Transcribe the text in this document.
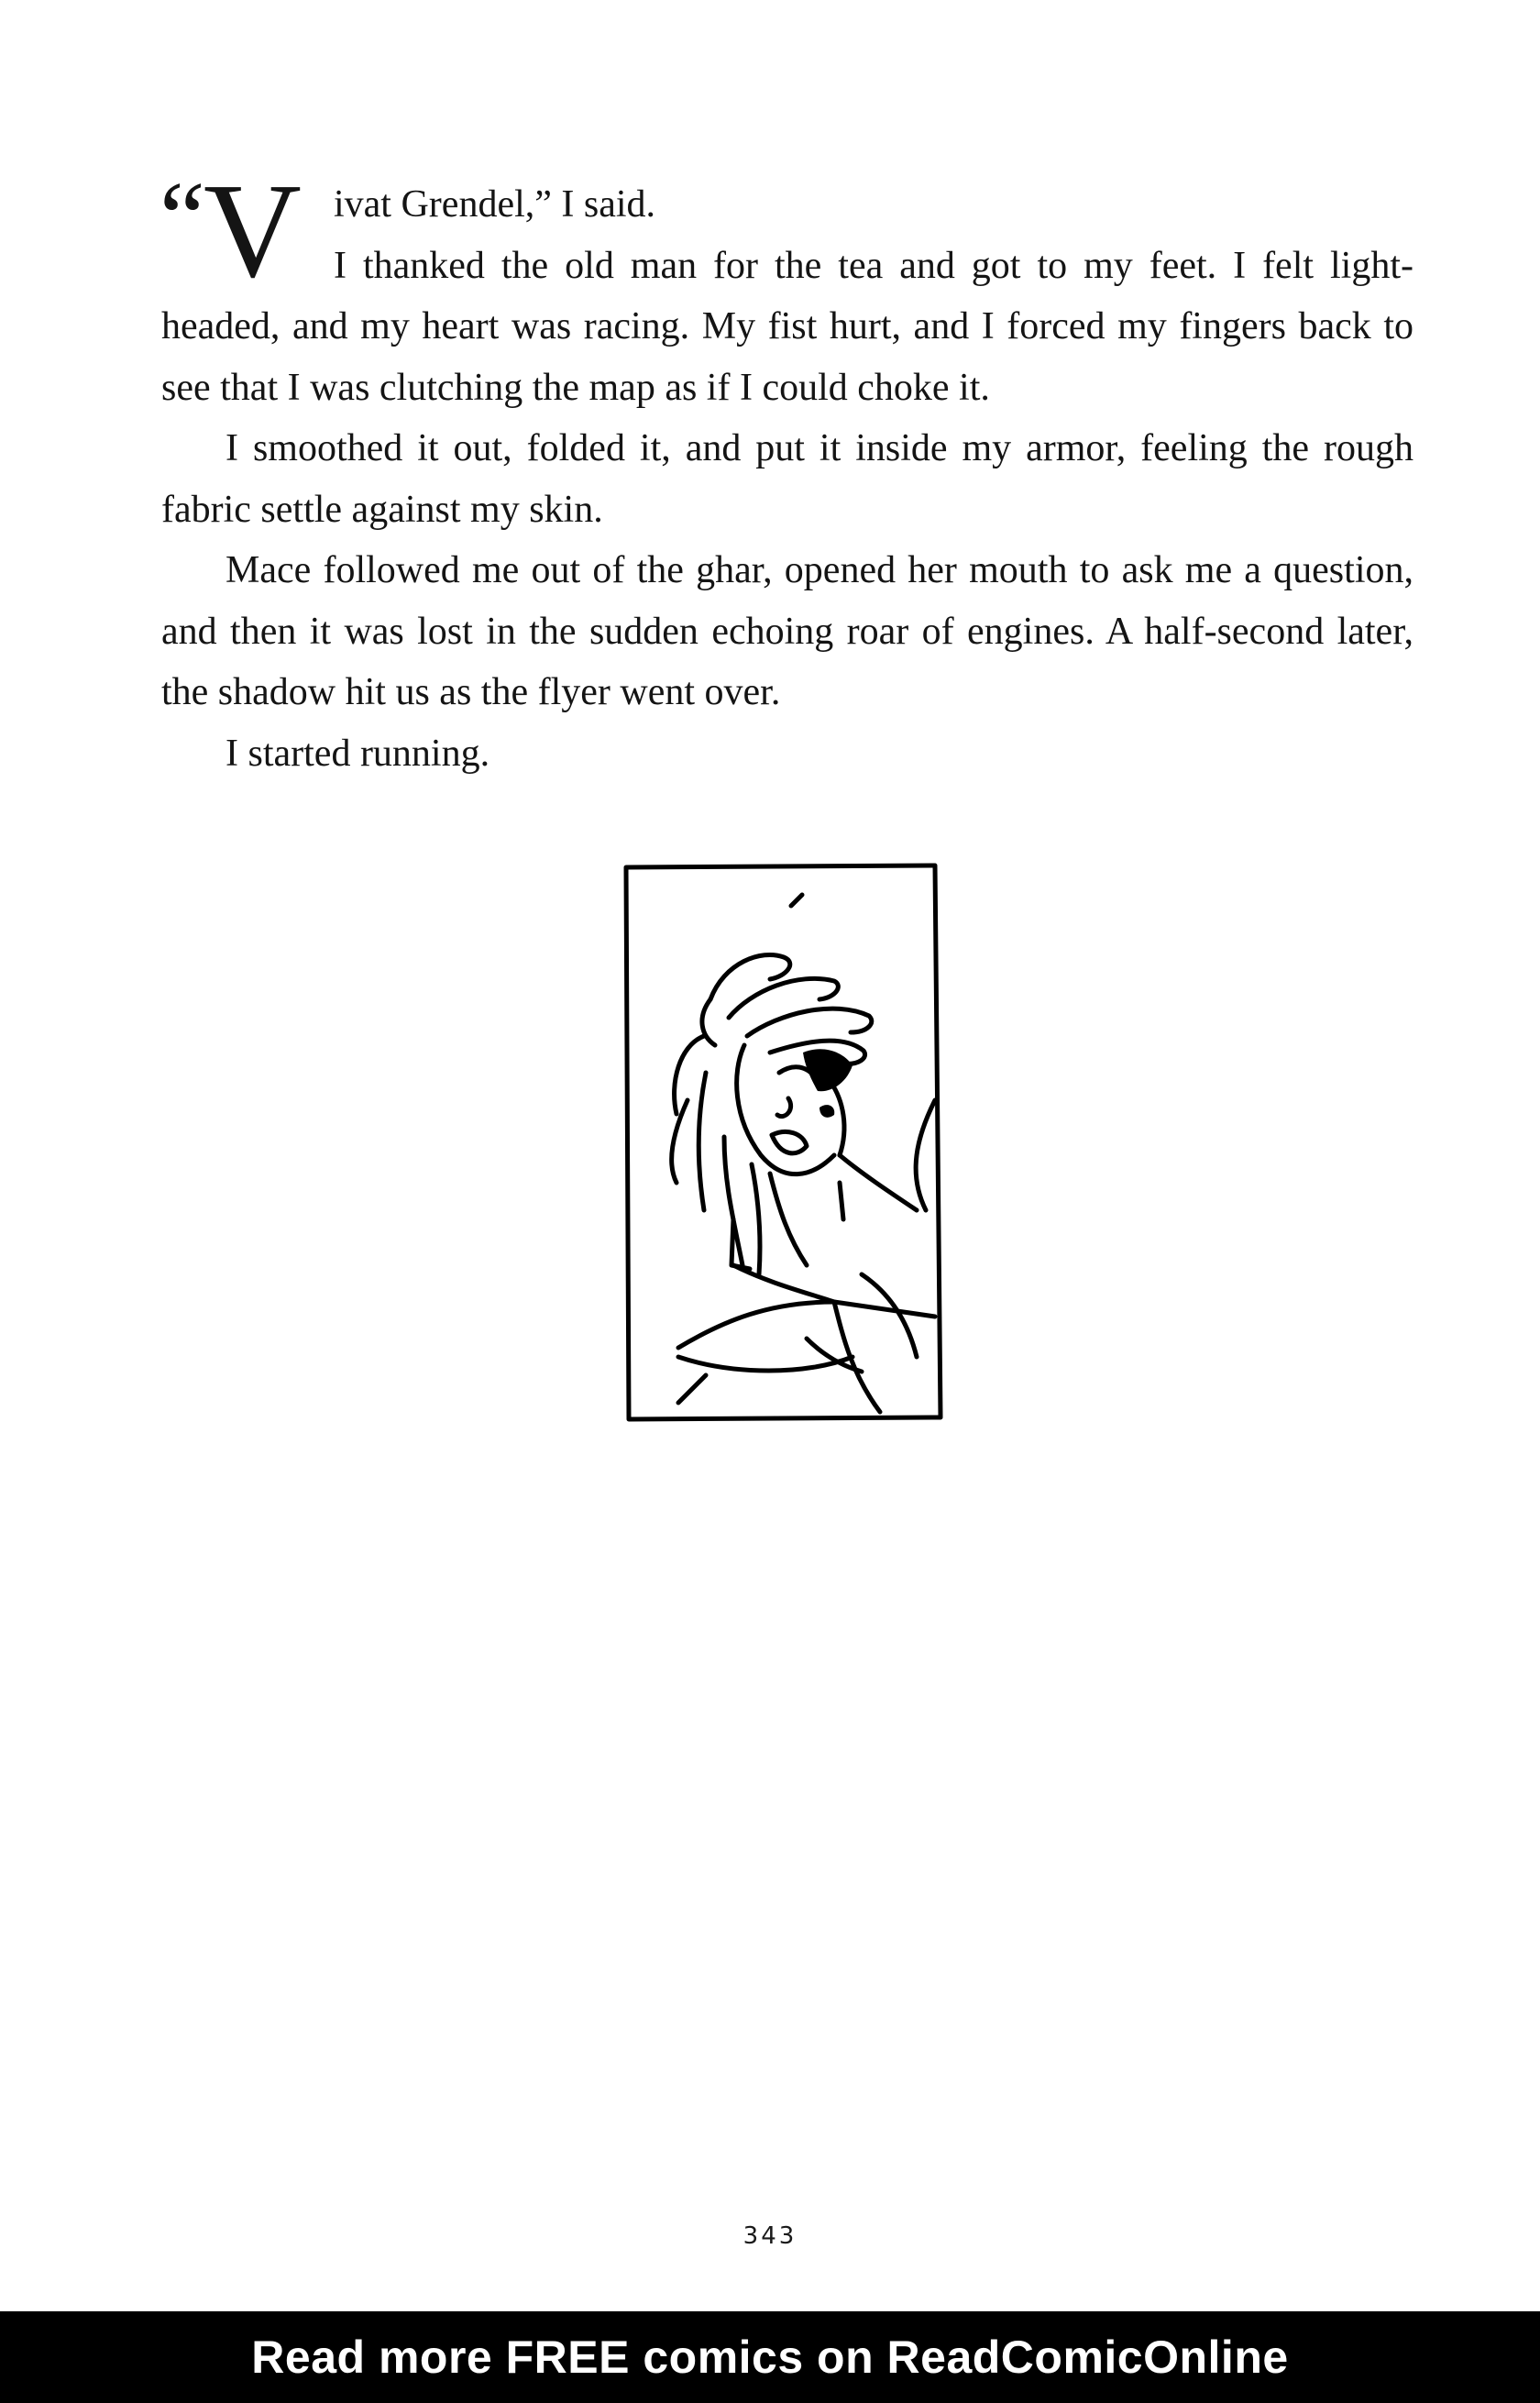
“
V ivat Grendel,” I said.

I thanked the old man for the tea and got to my feet. I felt light-headed, and my heart was racing. My fist hurt, and I forced my fingers back to see that I was clutching the map as if I could choke it.

I smoothed it out, folded it, and put it inside my armor, feeling the rough fabric settle against my skin.

Mace followed me out of the ghar, opened her mouth to ask me a question, and then it was lost in the sudden echoing roar of engines. A half-second later, the shadow hit us as the flyer went over.

I started running.

343
Read more FREE comics on ReadComicOnline
